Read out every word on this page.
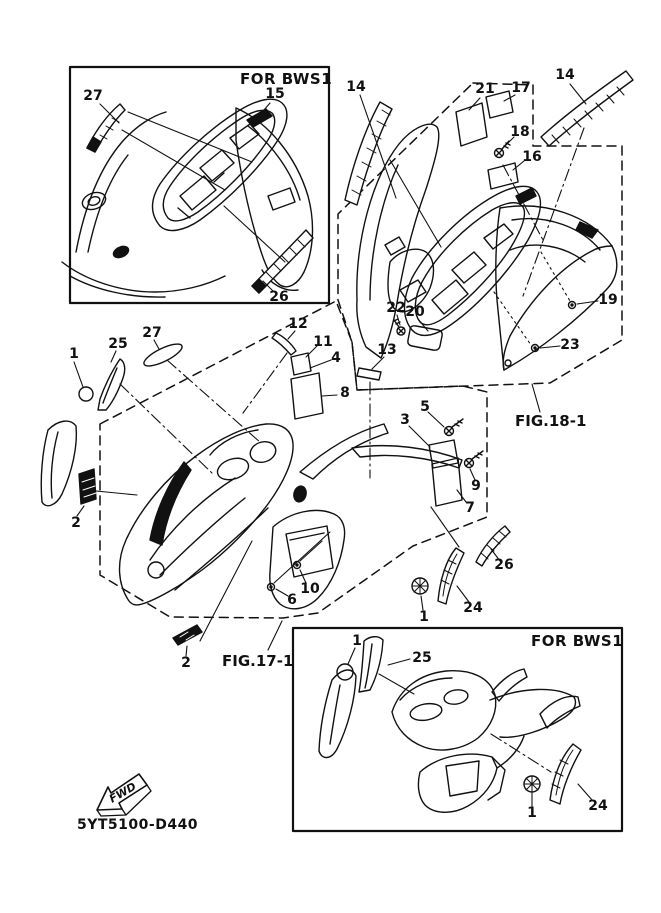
FWD
FOR BWS1
FOR BWS1
FIG.18-1
FIG.17-1
5YT5100-D440
27	15
26
14	21 17
18
16
14
19
23
22 20
13
1
25
27
12
11
4
8
3
5
9
7
2
6
10
26
24
1
2
1
25
1	24
